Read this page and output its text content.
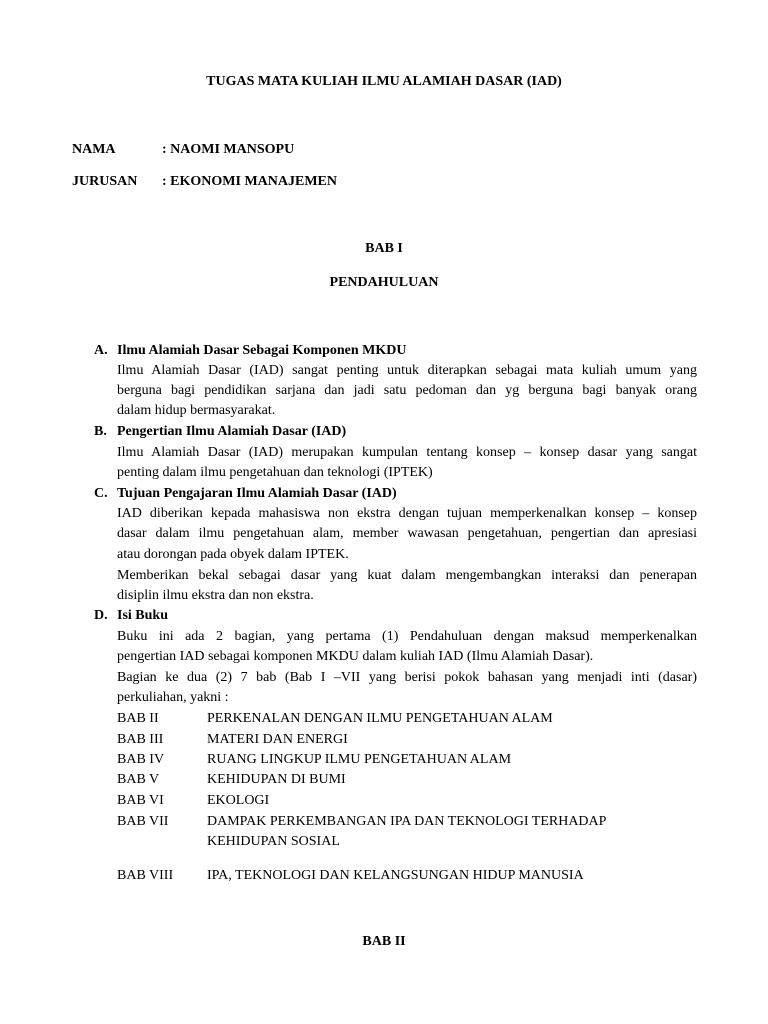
TUGAS MATA KULIAH ILMU ALAMIAH DASAR (IAD)
NAMA	: NAOMI MANSOPU
JURUSAN : EKONOMI MANAJEMEN
BAB I
PENDAHULUAN
A. Ilmu Alamiah Dasar Sebagai Komponen MKDU
Ilmu Alamiah Dasar (IAD) sangat penting untuk diterapkan sebagai mata kuliah umum yang
berguna bagi pendidikan sarjana dan jadi satu pedoman dan yg berguna bagi banyak orang
dalam hidup bermasyarakat.
B. Pengertian Ilmu Alamiah Dasar (IAD)
Ilmu Alamiah Dasar (IAD) merupakan kumpulan tentang konsep – konsep dasar yang sangat
penting dalam ilmu pengetahuan dan teknologi (IPTEK)
C. Tujuan Pengajaran Ilmu Alamiah Dasar (IAD)
IAD diberikan kepada mahasiswa non ekstra dengan tujuan memperkenalkan konsep – konsep
dasar dalam ilmu pengetahuan alam, member wawasan pengetahuan, pengertian dan apresiasi
atau dorongan pada obyek dalam IPTEK.
Memberikan bekal sebagai dasar yang kuat dalam mengembangkan interaksi dan penerapan
disiplin ilmu ekstra dan non ekstra.
D. Isi Buku
Buku ini ada 2 bagian, yang pertama (1) Pendahuluan dengan maksud memperkenalkan
pengertian IAD sebagai komponen MKDU dalam kuliah IAD (Ilmu Alamiah Dasar).
Bagian ke dua (2) 7 bab (Bab I –VII yang berisi pokok bahasan yang menjadi inti (dasar)
perkuliahan, yakni :
BAB II	PERKENALAN DENGAN ILMU PENGETAHUAN ALAM
BAB III	MATERI DAN ENERGI
BAB IV	RUANG LINGKUP ILMU PENGETAHUAN ALAM
BAB V	KEHIDUPAN DI BUMI
BAB VI	EKOLOGI
BAB VII	DAMPAK PERKEMBANGAN IPA DAN TEKNOLOGI TERHADAP
KEHIDUPAN SOSIAL
BAB VIII IPA, TEKNOLOGI DAN KELANGSUNGAN HIDUP MANUSIA
BAB II
